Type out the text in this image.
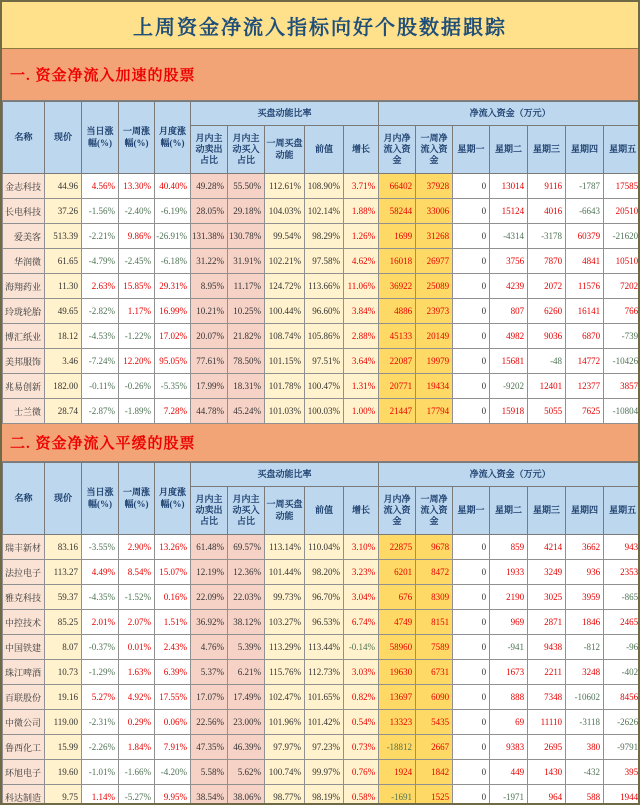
上周资金净流入指标向好个股数据跟踪
一. 资金净流入加速的股票
名称	现价	当日涨幅(%)	一周涨幅(%)	月度涨幅(%)	买盘动能比率					净流入资金（万元）						
					月内主动卖出占比	月内主动买入占比	一周买盘动能	前值	增长	月内净流入资金	一周净流入资金	星期一	星期二	星期三	星期四	星期五
金志科技	44.96	4.56%	13.30%	40.40%	49.28%	55.50%	112.61%	108.90%	3.71%	66402	37928	0	13014	9116	-1787	17585
长电科技	37.26	-1.56%	-2.40%	-6.19%	28.05%	29.18%	104.03%	102.14%	1.88%	58244	33006	0	15124	4016	-6643	20510
爱美客	513.39	-2.21%	9.86%	-26.91%	131.38%	130.78%	99.54%	98.29%	1.26%	1699	31268	0	-4314	-3178	60379	-21620
华润微	61.65	-4.79%	-2.45%	-6.18%	31.22%	31.91%	102.21%	97.58%	4.62%	16018	26977	0	3756	7870	4841	10510
海翔药业	11.30	2.63%	15.85%	29.31%	8.95%	11.17%	124.72%	113.66%	11.06%	36922	25089	0	4239	2072	11576	7202
玲珑轮胎	49.65	-2.82%	1.17%	16.99%	10.21%	10.25%	100.44%	96.60%	3.84%	4886	23973	0	807	6260	16141	766
博汇纸业	18.12	-4.53%	-1.22%	17.02%	20.07%	21.82%	108.74%	105.86%	2.88%	45133	20149	0	4982	9036	6870	-739
美邦服饰	3.46	-7.24%	12.20%	95.05%	77.61%	78.50%	101.15%	97.51%	3.64%	22087	19979	0	15681	-48	14772	-10426
兆易创新	182.00	-0.11%	-0.26%	-5.35%	17.99%	18.31%	101.78%	100.47%	1.31%	20771	19434	0	-9202	12401	12377	3857
士兰微	28.74	-2.87%	-1.89%	7.28%	44.78%	45.24%	101.03%	100.03%	1.00%	21447	17794	0	15918	5055	7625	-10804
二. 资金净流入平缓的股票
名称	现价	当日涨幅(%)	一周涨幅(%)	月度涨幅(%)	买盘动能比率					净流入资金（万元）						
					月内主动卖出占比	月内主动买入占比	一周买盘动能	前值	增长	月内净流入资金	一周净流入资金	星期一	星期二	星期三	星期四	星期五
瑞丰新材	83.16	-3.55%	2.90%	13.26%	61.48%	69.57%	113.14%	110.04%	3.10%	22875	9678	0	859	4214	3662	943
法拉电子	113.27	4.49%	8.54%	15.07%	12.19%	12.36%	101.44%	98.20%	3.23%	6201	8472	0	1933	3249	936	2353
雅克科技	59.37	-4.35%	-1.52%	0.16%	22.09%	22.03%	99.73%	96.70%	3.04%	676	8309	0	2190	3025	3959	-865
中控技术	85.25	2.01%	2.07%	1.51%	36.92%	38.12%	103.27%	96.53%	6.74%	4749	8151	0	969	2871	1846	2465
中国铁建	8.07	-0.37%	0.01%	2.43%	4.76%	5.39%	113.29%	113.44%	-0.14%	58960	7589	0	-941	9438	-812	-96
珠江啤酒	10.73	-1.29%	1.63%	6.39%	5.37%	6.21%	115.76%	112.73%	3.03%	19630	6731	0	1673	2211	3248	-402
百联股份	19.16	5.27%	4.92%	17.55%	17.07%	17.49%	102.47%	101.65%	0.82%	13697	6090	0	888	7348	-10602	8456
中微公司	119.00	-2.31%	0.29%	0.06%	22.56%	23.00%	101.96%	101.42%	0.54%	13323	5435	0	69	11110	-3118	-2626
鲁西化工	15.99	-2.26%	1.84%	7.91%	47.35%	46.39%	97.97%	97.23%	0.73%	-18812	2667	0	9383	2695	380	-9791
环旭电子	19.60	-1.01%	-1.66%	-4.20%	5.58%	5.62%	100.74%	99.97%	0.76%	1924	1842	0	449	1430	-432	395
科达制造	9.75	1.14%	-5.27%	9.95%	38.54%	38.06%	98.77%	98.19%	0.58%	-1691	1525	0	-1971	964	588	1944
